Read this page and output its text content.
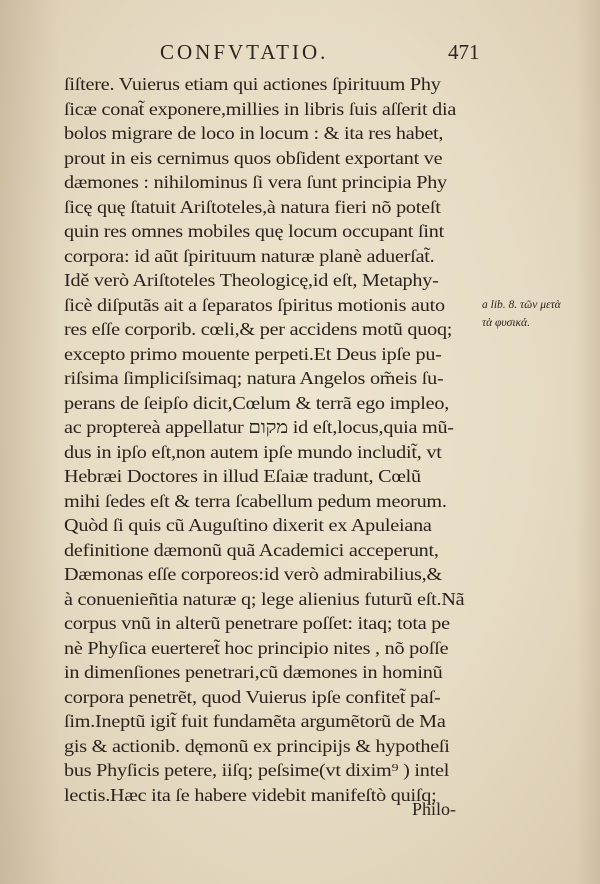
CONFVTATIO.	471
ſiſtere. Vuierus etiam qui actiones ſpirituum Phy
ſicæ conat̃ exponere,millies in libris ſuis aſſerit dia
bolos migrare de loco in locum : & ita res habet,
prout in eis cernimus quos obſident exportant ve
dæmones : nihilominus ſi vera ſunt principia Phy
ſicę quę ſtatuit Ariſtoteles,à natura fieri nõ poteſt
quin res omnes mobiles quę locum occupant ſint
corpora: id aũt ſpirituum naturæ planè aduerſat̃.
Idě verò Ariſtoteles Theologicę,id eſt, Metaphy-
ſicè diſputãs ait a ſeparatos ſpiritus motionis auto
res eſſe corporib. cœli,& per accidens motũ quoq;
excepto primo mouente perpeti.Et Deus ipſe pu-
riſsima ſimpliciſsimaq; natura Angelos om̃eis ſu-
perans de ſeipſo dicit,Cœlum & terrã ego impleo,
ac proptereà appellatur מקום id eſt,locus,quia mũ-
dus in ipſo eſt,non autem ipſe mundo includit̃, vt
Hebræi Doctores in illud Eſaiæ tradunt, Cœlũ
mihi ſedes eſt & terra ſcabellum pedum meorum.
Quòd ſi quis cũ Auguſtino dixerit ex Apuleiana
definitione dæmonũ quã Academici acceperunt,
Dæmonas eſſe corporeos:id verò admirabilius,&
à conuenieñtia naturæ q; lege alienius futurũ eſt.Nã
corpus vnũ in alterũ penetrare poſſet: itaq; tota pe
nè Phyſica euerteret̃ hoc principio nites , nõ poſſe
in dimenſiones penetrari,cũ dæmones in hominũ
corpora penetrẽt, quod Vuierus ipſe confitet̃ paſ-
ſim.Ineptũ igit̃ fuit fundamẽta argumẽtorũ de Ma
gis & actionib. dęmonũ ex principijs & hypotheſi
bus Phyſicis petere, iiſq; peſsime(vt dixim⁹ ) intel
lectis.Hæc ita ſe habere videbit manifeſtò quiſq;
a lib. 8. τῶν μετὰ
τὰ φυσικά.
Philo-
